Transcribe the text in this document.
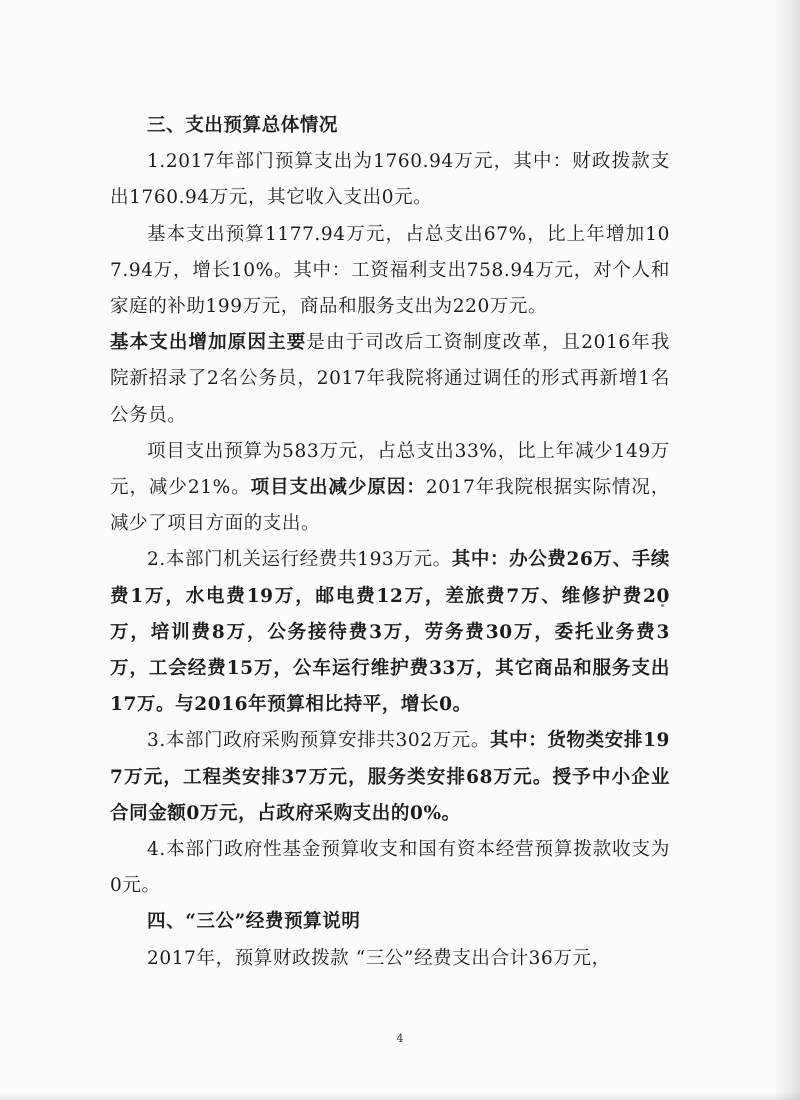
三、支出预算总体情况

1.2017年部门预算支出为1760.94万元，其中：财政拨款支出1760.94万元，其它收入支出0元。

基本支出预算1177.94万元，占总支出67%，比上年增加107.94万，增长10%。其中：工资福利支出758.94万元，对个人和家庭的补助199万元，商品和服务支出为220万元。

基本支出增加原因主要是由于司改后工资制度改革，且2016年我院新招录了2名公务员，2017年我院将通过调任的形式再新增1名公务员。

项目支出预算为583万元，占总支出33%，比上年减少149万元，减少21%。项目支出减少原因：2017年我院根据实际情况，减少了项目方面的支出。

2.本部门机关运行经费共193万元。其中：办公费26万、手续费1万，水电费19万，邮电费12万，差旅费7万、维修护费20万，培训费8万，公务接待费3万，劳务费30万，委托业务费3万，工会经费15万，公车运行维护费33万，其它商品和服务支出17万。与2016年预算相比持平，增长0。

3.本部门政府采购预算安排共302万元。其中：货物类安排197万元，工程类安排37万元，服务类安排68万元。授予中小企业合同金额0万元，占政府采购支出的0%。

4.本部门政府性基金预算收支和国有资本经营预算拨款收支为0元。

四、“三公”经费预算说明

2017年，预算财政拨款 “三公”经费支出合计36万元，

4
